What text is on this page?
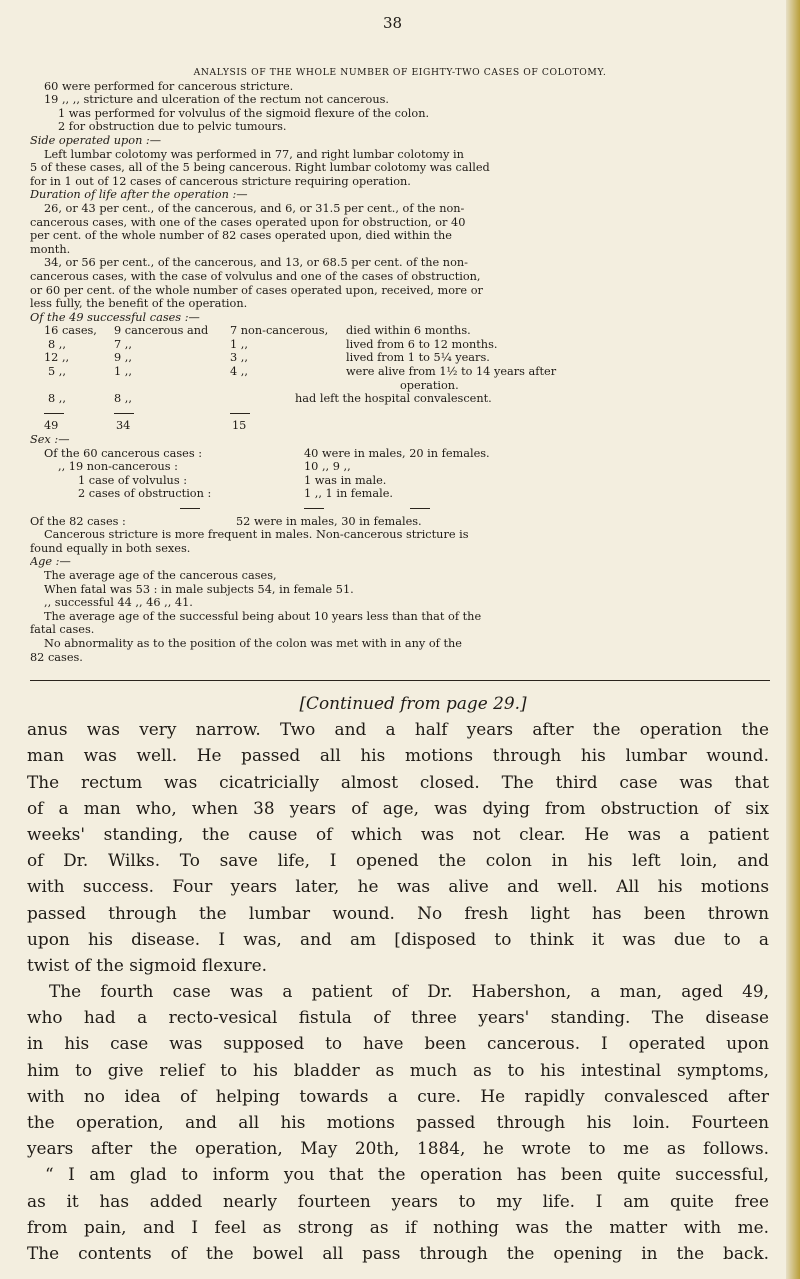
38
ANALYSIS OF THE WHOLE NUMBER OF EIGHTY-TWO CASES OF COLOTOMY.
60 were performed for cancerous stricture.
19 ,, ,, stricture and ulceration of the rectum not cancerous.
1 was performed for volvulus of the sigmoid flexure of the colon.
2 for obstruction due to pelvic tumours.
Side operated upon :—
Left lumbar colotomy was performed in 77, and right lumbar colotomy in
5 of these cases, all of the 5 being cancerous. Right lumbar colotomy was called
for in 1 out of 12 cases of cancerous stricture requiring operation.
Duration of life after the operation :—
26, or 43 per cent., of the cancerous, and 6, or 31.5 per cent., of the non-
cancerous cases, with one of the cases operated upon for obstruction, or 40
per cent. of the whole number of 82 cases operated upon, died within the
month.
34, or 56 per cent., of the cancerous, and 13, or 68.5 per cent. of the non-
cancerous cases, with the case of volvulus and one of the cases of obstruction,
or 60 per cent. of the whole number of cases operated upon, received, more or
less fully, the benefit of the operation.
Of the 49 successful cases :—
16 cases, 9 cancerous and 7 non-cancerous, died within 6 months.
8 ,,	7 ,,	1 ,,	lived from 6 to 12 months.
12 ,,	9 ,,	3 ,,	lived from 1 to 5¼ years.
5 ,,	1 ,,	4 ,,	were alive from 1½ to 14 years after
operation.
8 ,,	8 ,,	had left the hospital convalescent.
49	34	15
Sex :—
Of the 60 cancerous cases :	40 were in males, 20 in females.
,, 19 non-cancerous :	10 ,, 9 ,,
1 case of volvulus :	1 was in male.
2 cases of obstruction :	1 ,, 1 in female.
Of the 82 cases :	52 were in males, 30 in females.
Cancerous stricture is more frequent in males. Non-cancerous stricture is
found equally in both sexes.
Age :—
The average age of the cancerous cases,
When fatal was 53 : in male subjects 54, in female 51.
,, successful 44 ,, 46 ,, 41.
The average age of the successful being about 10 years less than that of the
fatal cases.
No abnormality as to the position of the colon was met with in any of the
82 cases.
[Continued from page 29.]
anus was very narrow. Two and a half years after the operation the
man was well. He passed all his motions through his lumbar wound.
The rectum was cicatricially almost closed. The third case was that
of a man who, when 38 years of age, was dying from obstruction of six
weeks' standing, the cause of which was not clear. He was a patient
of Dr. Wilks. To save life, I opened the colon in his left loin, and
with success. Four years later, he was alive and well. All his motions
passed through the lumbar wound. No fresh light has been thrown
upon his disease. I was, and am [disposed to think it was due to a
twist of the sigmoid flexure.
The fourth case was a patient of Dr. Habershon, a man, aged 49,
who had a recto-vesical fistula of three years' standing. The disease
in his case was supposed to have been cancerous. I operated upon
him to give relief to his bladder as much as to his intestinal symptoms,
with no idea of helping towards a cure. He rapidly convalesced after
the operation, and all his motions passed through his loin. Fourteen
years after the operation, May 20th, 1884, he wrote to me as follows.
“ I am glad to inform you that the operation has been quite successful,
as it has added nearly fourteen years to my life. I am quite free
from pain, and I feel as strong as if nothing was the matter with me.
The contents of the bowel all pass through the opening in the back.
